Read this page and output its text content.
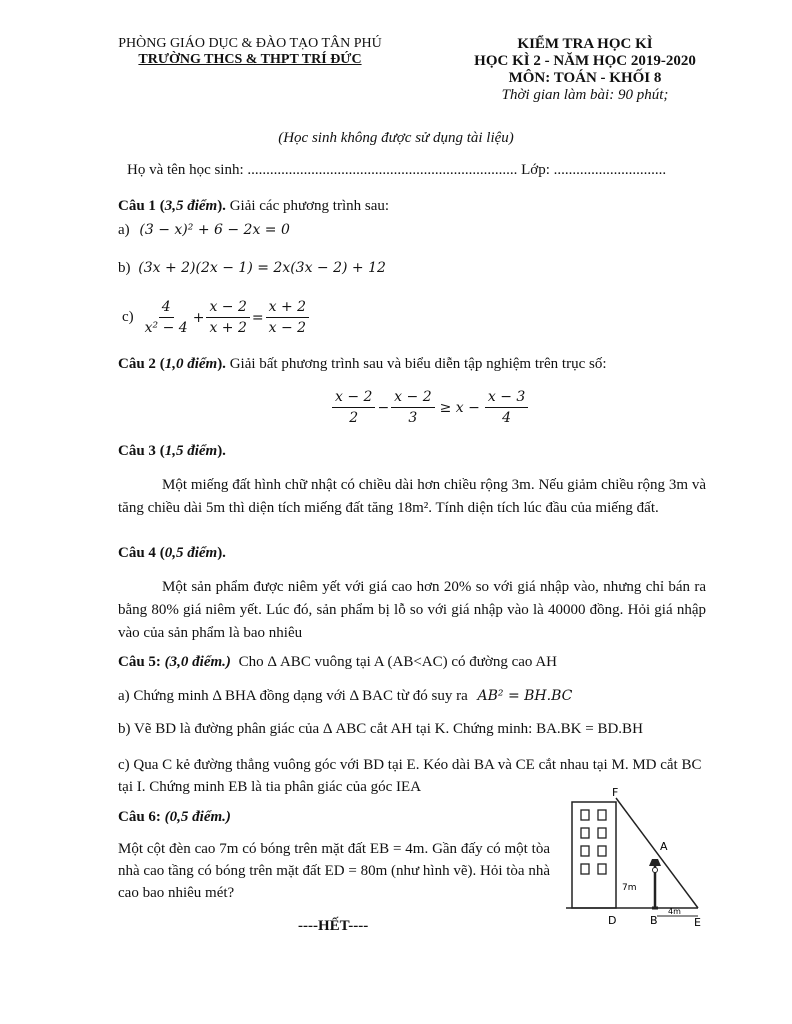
PHÒNG GIÁO DỤC & ĐÀO TẠO TÂN PHÚ
TRƯỜNG THCS & THPT TRÍ ĐỨC
KIỂM TRA HỌC KÌ
HỌC KÌ 2 - NĂM HỌC 2019-2020
MÔN: TOÁN - KHỐI 8
Thời gian làm bài: 90 phút;
(Học sinh không được sử dụng tài liệu)
Họ và tên học sinh: ........................................................................ Lớp: ..............................
Câu 1 (3,5 điểm). Giải các phương trình sau:
a) (3 − x)² + 6 − 2x = 0
b) (3x + 2)(2x − 1) = 2x(3x − 2) + 12
$c) \frac{4}{\text{x² − 4}} + \frac{x - 2}{x + 2} = \frac{x + 2}{x - 2}$
Câu 2 (1,0 điểm). Giải bất phương trình sau và biểu diễn tập nghiệm trên trục số:
$\frac{x - 2}{2} - \frac{x - 2}{3} \ge x - \frac{x - 3}{4}$
Câu 3 (1,5 điểm).
Một miếng đất hình chữ nhật có chiều dài hơn chiều rộng 3m. Nếu giảm chiều rộng 3m và tăng chiều dài 5m thì diện tích miếng đất tăng 18m². Tính diện tích lúc đầu của miếng đất.
Câu 4 (0,5 điểm).
Một sản phẩm được niêm yết với giá cao hơn 20% so với giá nhập vào, nhưng chỉ bán ra bằng 80% giá niêm yết. Lúc đó, sản phẩm bị lỗ so với giá nhập vào là 40000 đồng. Hỏi giá nhập vào của sản phẩm là bao nhiêu
Câu 5: (3,0 điểm.) Cho Δ ABC vuông tại A (AB<AC) có đường cao AH
a) Chứng minh Δ BHA đồng dạng với Δ BAC từ đó suy ra AB² = BH.BC
b) Vẽ BD là đường phân giác của Δ ABC cắt AH tại K. Chứng minh: BA.BK = BD.BH
c) Qua C kẻ đường thẳng vuông góc với BD tại E. Kéo dài BA và CE cắt nhau tại M. MD cắt BC tại I. Chứng minh EB là tia phân giác của góc IEA
Câu 6: (0,5 điểm.)
Một cột đèn cao 7m có bóng trên mặt đất EB = 4m. Gần đấy có một tòa nhà cao tầng có bóng trên mặt đất ED = 80m (như hình vẽ). Hỏi tòa nhà cao bao nhiêu mét?
F
A
7m
4m
D	B	E
----HẾT----
